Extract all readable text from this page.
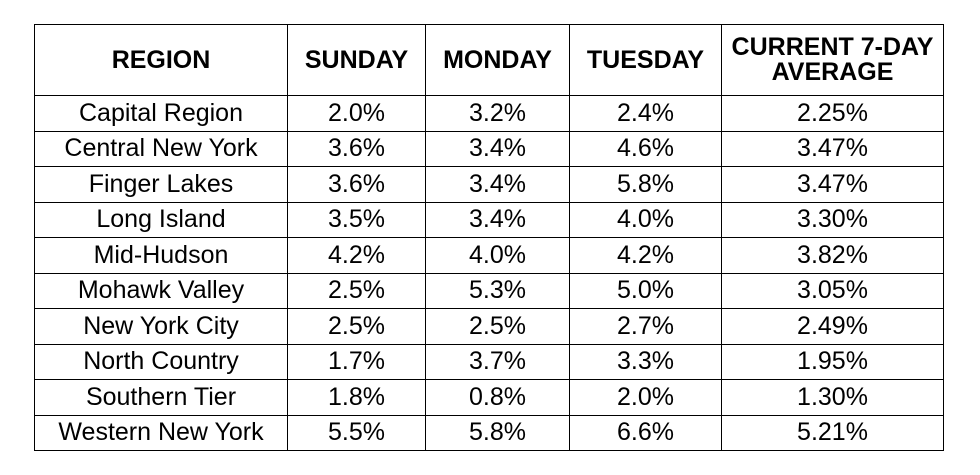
REGION	SUNDAY	MONDAY	TUESDAY	CURRENT 7-DAY AVERAGE
Capital Region	2.0%	3.2%	2.4%	2.25%
Central New York	3.6%	3.4%	4.6%	3.47%
Finger Lakes	3.6%	3.4%	5.8%	3.47%
Long Island	3.5%	3.4%	4.0%	3.30%
Mid-Hudson	4.2%	4.0%	4.2%	3.82%
Mohawk Valley	2.5%	5.3%	5.0%	3.05%
New York City	2.5%	2.5%	2.7%	2.49%
North Country	1.7%	3.7%	3.3%	1.95%
Southern Tier	1.8%	0.8%	2.0%	1.30%
Western New York	5.5%	5.8%	6.6%	5.21%
